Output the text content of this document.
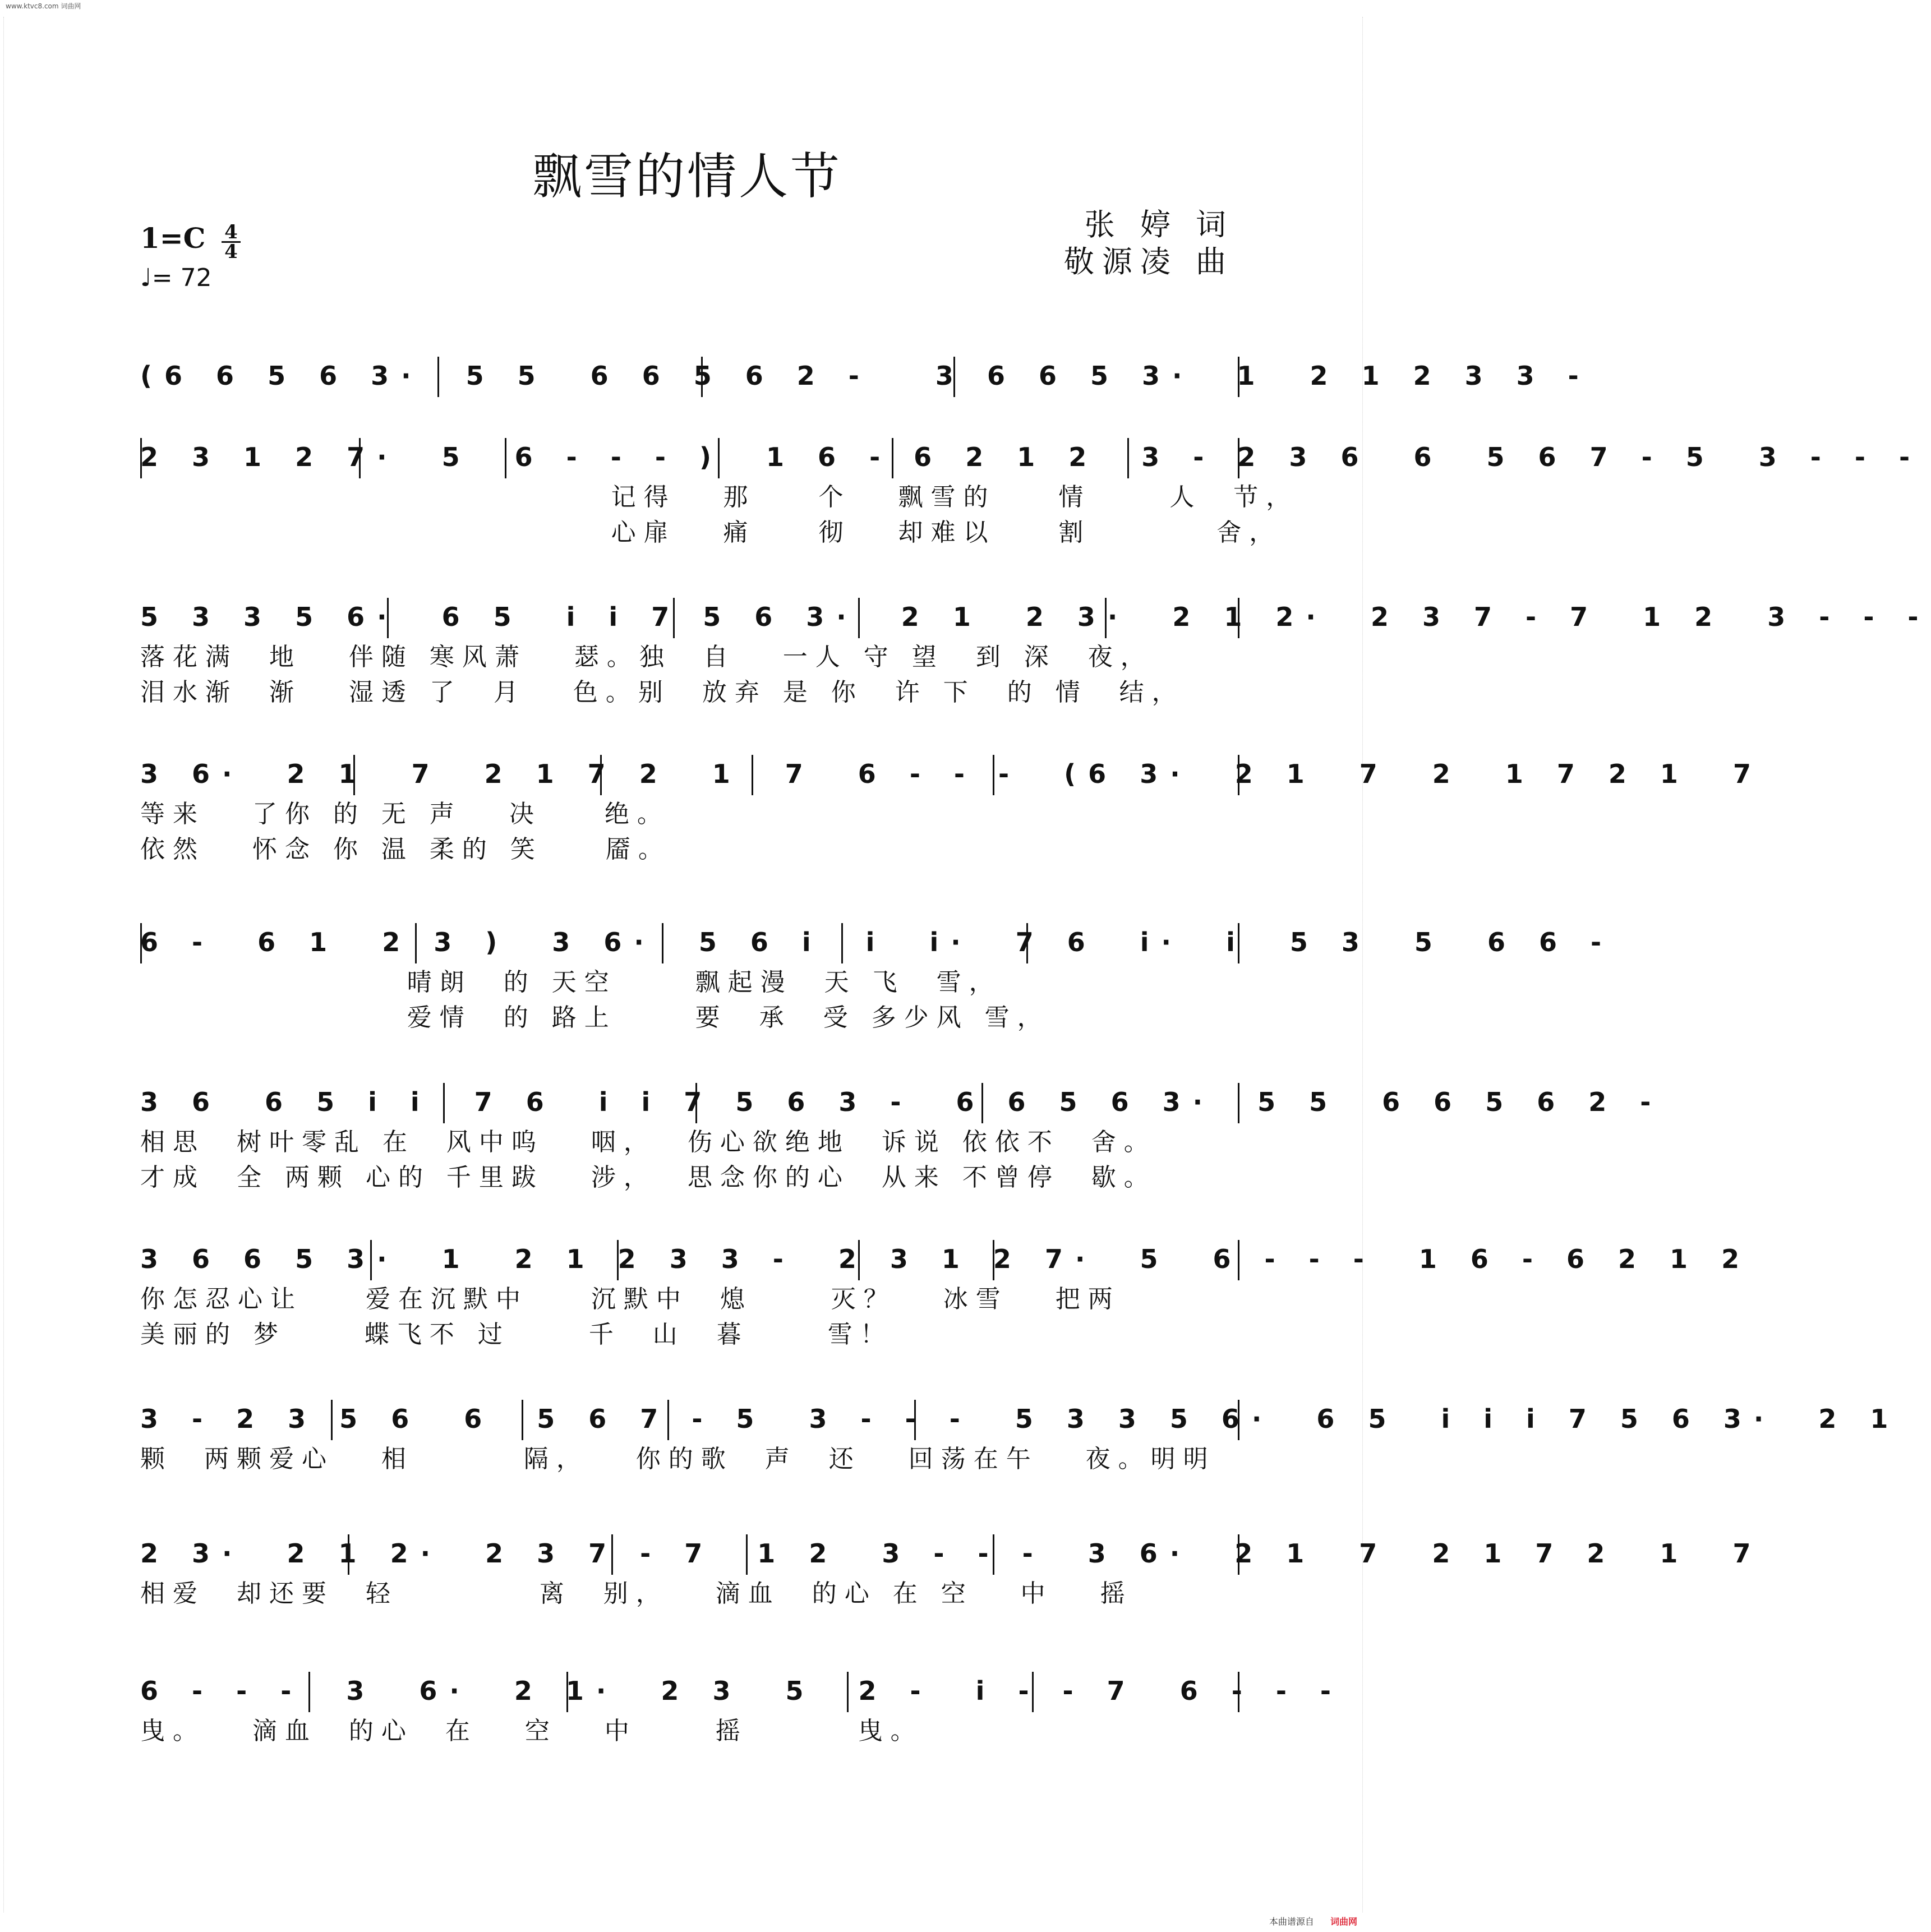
www.ktvc8.com 词曲网
飘雪的情人节
1=C 4
4
♩= 72
张 婷 词
敬源凌 曲
(6 6 5 6 3·  5 5  6 6 5 6 2 -   3 6 6 5 3·  1  2 1 2 3 3 -
2 3 1 2 7·  5  6 - - - )  1 6 - 6 2 1 2  3 - 2 3 6  6  5 6 7 - 5  3 - - -
记得   那    个   飘雪的    情     人  节，
心扉   痛    彻   却难以    割        舍，
5 3 3 5 6·  6 5  i i 7 5 6 3·  2 1  2 3·  2 1 2·  2 3 7 - 7  1 2  3 - - -
落花满  地   伴随 寒风萧   瑟。独  自   一人 守 望  到 深  夜，
泪水渐  渐   湿透 了  月   色。别  放弃 是 你  许 下  的 情  结，
3 6·  2 1  7  2 1 7 2  1  7  6 - - -  (6 3·  2 1  7  2  1 7 2 1  7
等来   了你 的 无 声   决    绝。
依然   怀念 你 温 柔的 笑    靥。
6 -  6 1  2 3 )  3 6·  5 6 i  i  i·  7 6  i·  i  5 3  5  6 6 -
晴朗  的 天空     飘起漫  天 飞  雪，
爱情  的 路上     要  承  受 多少风 雪，
3 6  6 5 i i  7 6  i i 7 5 6 3 -  6 6 5 6 3·  5 5  6 6 5 6 2 -
相思  树叶零乱 在  风中呜   咽，  伤心欲绝地  诉说 依依不  舍。
才成  全 两颗 心的 千里跋   涉，  思念你的心  从来 不曾停  歇。
3 6 6 5 3·  1  2 1 2 3 3 -  2 3 1 2 7·  5  6 - - -  1 6 - 6 2 1 2
你怎忍心让    爱在沉默中    沉默中  熄     灭？   冰雪   把两
美丽的 梦     蝶飞不 过     千  山  暮     雪！
3 - 2 3 5 6  6  5 6 7 - 5  3 - - -  5 3 3 5 6·  6 5  i i i 7 5 6 3·  2 1
颗  两颗爱心   相       隔，   你的歌  声  还   回荡在午   夜。明明
2 3·  2 1 2·  2 3 7 - 7  1 2  3 - - -  3 6·  2 1  7  2 1 7 2  1  7
相爱  却还要  轻         离  别，   滴血  的心 在 空   中   摇
6 - - -  3  6·  2 1·  2 3  5  2 -  i - - 7  6 - - -
曳。   滴血  的心  在   空   中     摇       曳。
本曲谱源自 词曲网
